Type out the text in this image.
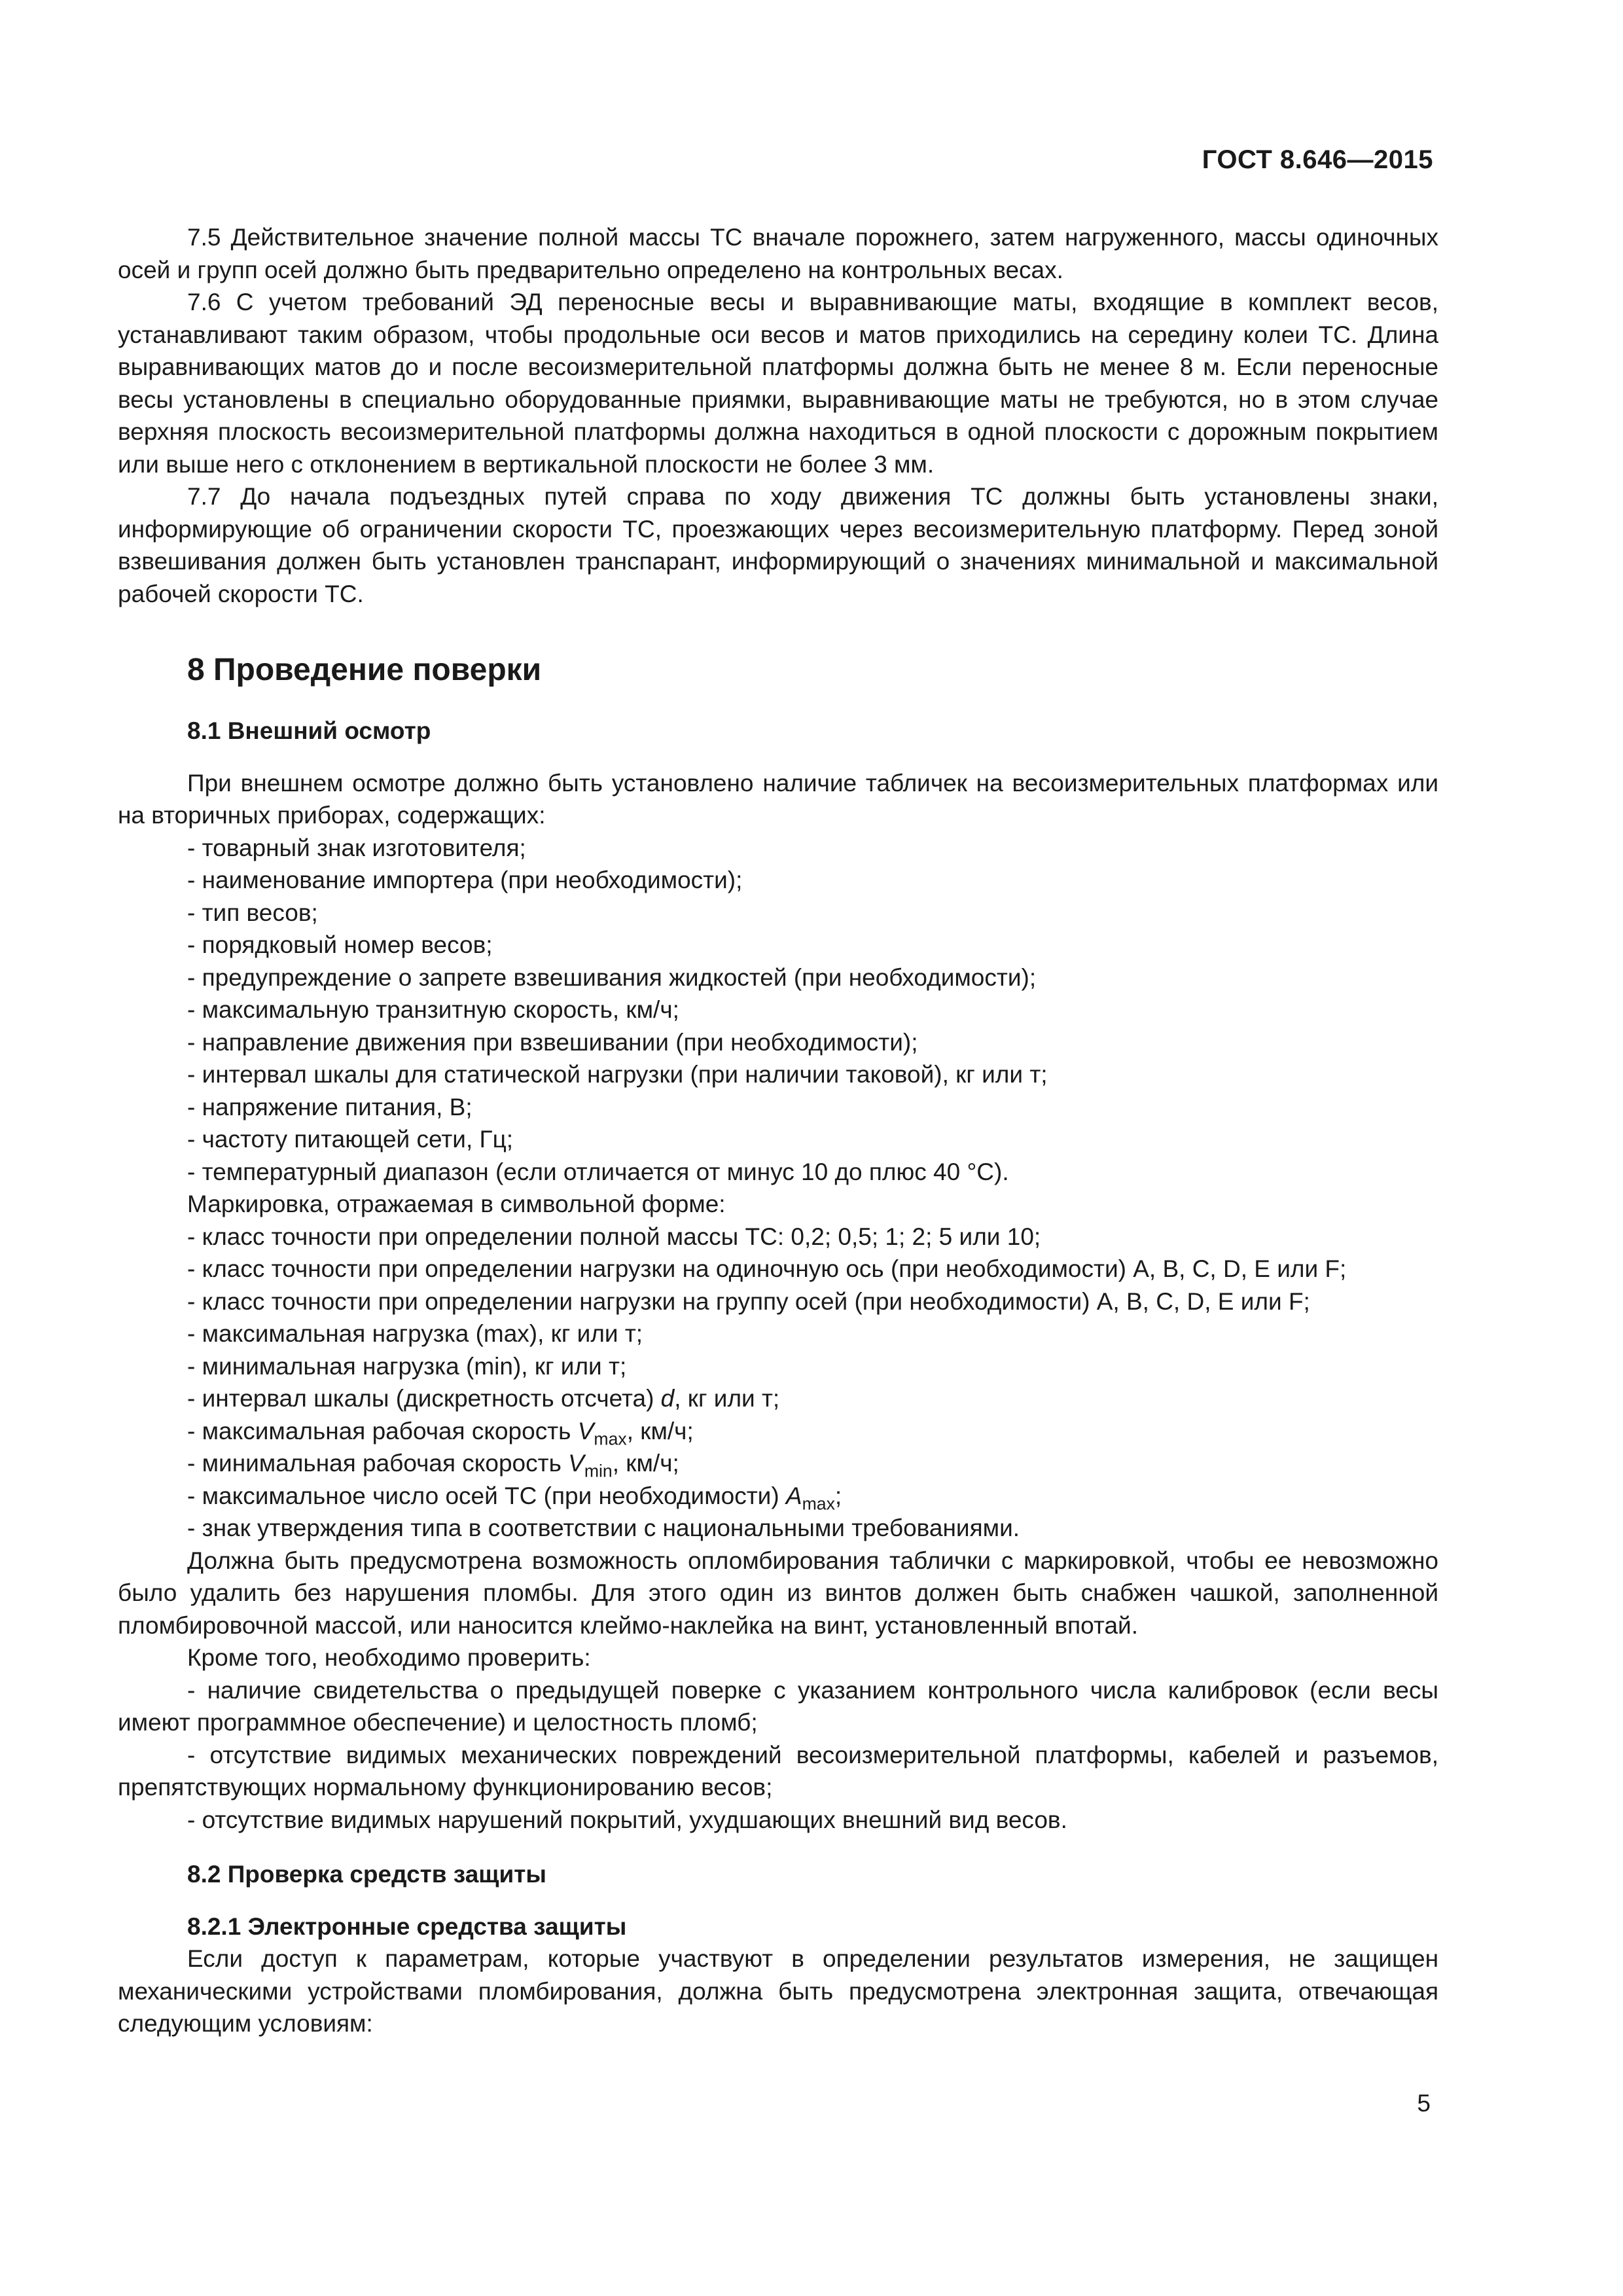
ГОСТ 8.646—2015

7.5 Действительное значение полной массы ТС вначале порожнего, затем нагруженного, массы одиночных осей и групп осей должно быть предварительно определено на контрольных весах.

7.6 С учетом требований ЭД переносные весы и выравнивающие маты, входящие в комплект весов, устанавливают таким образом, чтобы продольные оси весов и матов приходились на середину колеи ТС. Длина выравнивающих матов до и после весоизмерительной платформы должна быть не менее 8 м. Если переносные весы установлены в специально оборудованные приямки, выравнивающие маты не требуются, но в этом случае верхняя плоскость весоизмерительной платформы должна находиться в одной плоскости с дорожным покрытием или выше него с отклонением в вертикальной плоскости не более 3 мм.

7.7 До начала подъездных путей справа по ходу движения ТС должны быть установлены знаки, информирующие об ограничении скорости ТС, проезжающих через весоизмерительную платформу. Перед зоной взвешивания должен быть установлен транспарант, информирующий о значениях минимальной и максимальной рабочей скорости ТС.

8 Проведение поверки

8.1 Внешний осмотр

При внешнем осмотре должно быть установлено наличие табличек на весоизмерительных платформах или на вторичных приборах, содержащих:

- товарный знак изготовителя;

- наименование импортера (при необходимости);

- тип весов;

- порядковый номер весов;

- предупреждение о запрете взвешивания жидкостей (при необходимости);

- максимальную транзитную скорость, км/ч;

- направление движения при взвешивании (при необходимости);

- интервал шкалы для статической нагрузки (при наличии таковой), кг или т;

- напряжение питания, В;

- частоту питающей сети, Гц;

- температурный диапазон (если отличается от минус 10 до плюс 40 °С).

Маркировка, отражаемая в символьной форме:

- класс точности при определении полной массы ТС: 0,2; 0,5; 1; 2; 5 или 10;

- класс точности при определении нагрузки на одиночную ось (при необходимости) А, В, С, D, Е или F;

- класс точности при определении нагрузки на группу осей (при необходимости) А, В, С, D, Е или F;

- максимальная нагрузка (max), кг или т;

- минимальная нагрузка (min), кг или т;

- интервал шкалы (дискретность отсчета) d, кг или т;

- максимальная рабочая скорость $V_{max}$, км/ч;

- минимальная рабочая скорость $V_{min}$, км/ч;

- максимальное число осей ТС (при необходимости) $A_{max}$;

- знак утверждения типа в соответствии с национальными требованиями.

Должна быть предусмотрена возможность опломбирования таблички с маркировкой, чтобы ее невозможно было удалить без нарушения пломбы. Для этого один из винтов должен быть снабжен чашкой, заполненной пломбировочной массой, или наносится клеймо-наклейка на винт, установленный впотай.

Кроме того, необходимо проверить:

- наличие свидетельства о предыдущей поверке с указанием контрольного числа калибровок (если весы имеют программное обеспечение) и целостность пломб;

- отсутствие видимых механических повреждений весоизмерительной платформы, кабелей и разъемов, препятствующих нормальному функционированию весов;

- отсутствие видимых нарушений покрытий, ухудшающих внешний вид весов.

8.2 Проверка средств защиты

8.2.1 Электронные средства защиты

Если доступ к параметрам, которые участвуют в определении результатов измерения, не защищен механическими устройствами пломбирования, должна быть предусмотрена электронная защита, отвечающая следующим условиям:

5
